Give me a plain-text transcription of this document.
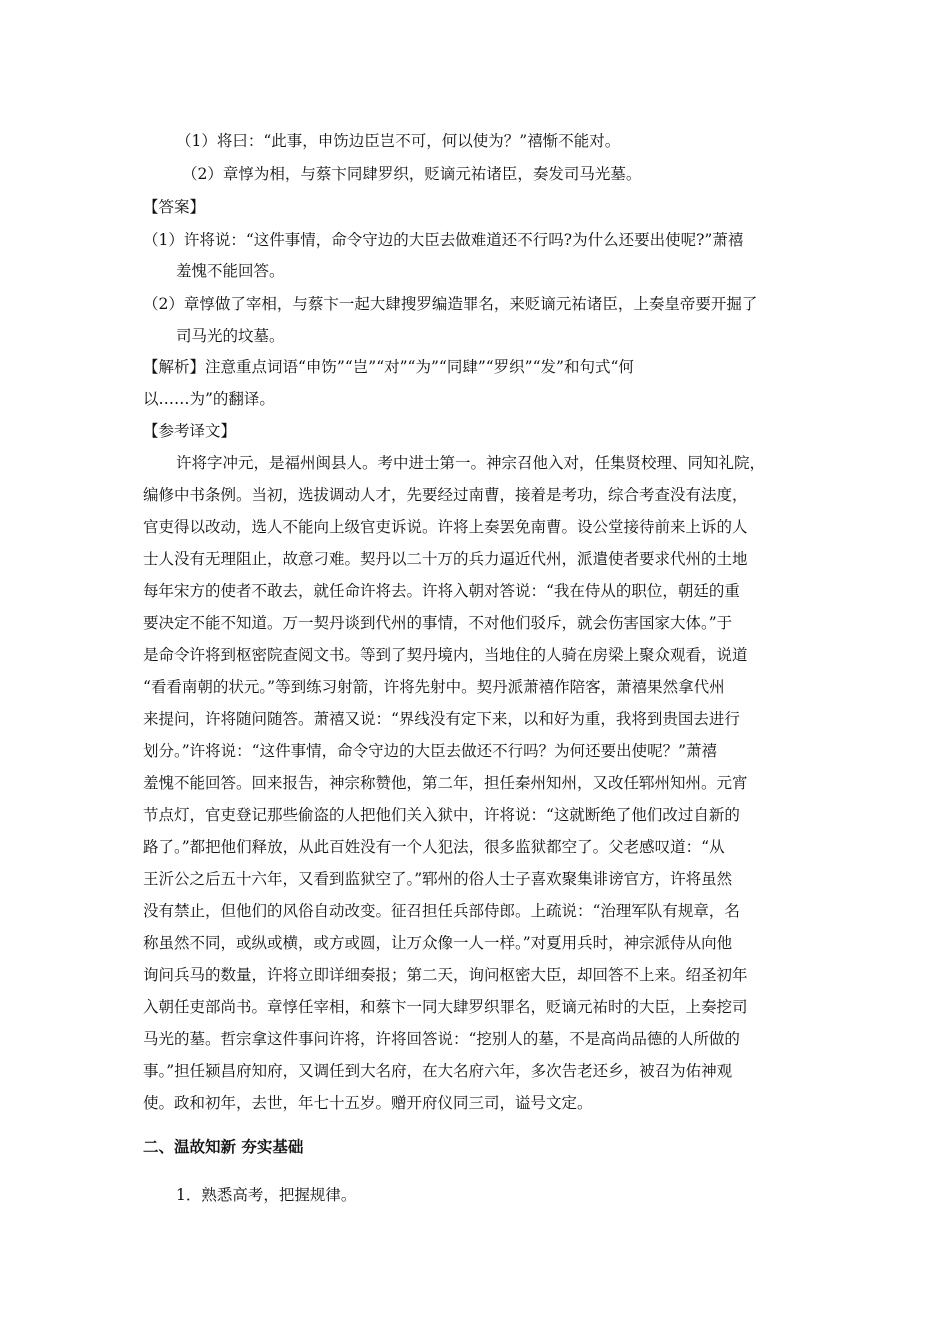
（1）将曰：“此事，申饬边臣岂不可，何以使为？”禧惭不能对。
（2）章惇为相，与蔡卞同肆罗织，贬谪元祐诸臣，奏发司马光墓。
【答案】
（1）许将说：“这件事情，命令守边的大臣去做难道还不行吗?为什么还要出使呢?”萧禧
羞愧不能回答。
（2）章惇做了宰相，与蔡卞一起大肆搜罗编造罪名，来贬谪元祐诸臣，上奏皇帝要开掘了
司马光的坟墓。
【解析】注意重点词语“申饬”“岂”“对”“为”“同肆”“罗织”“发”和句式“何
以……为”的翻译。
【参考译文】
许将字冲元，是福州闽县人。考中进士第一。神宗召他入对，任集贤校理、同知礼院，
编修中书条例。当初，选拔调动人才，先要经过南曹，接着是考功，综合考查没有法度，
官吏得以改动，选人不能向上级官吏诉说。许将上奏罢免南曹。设公堂接待前来上诉的人
士人没有无理阻止，故意刁难。契丹以二十万的兵力逼近代州，派遣使者要求代州的土地
每年宋方的使者不敢去，就任命许将去。许将入朝对答说：“我在侍从的职位，朝廷的重
要决定不能不知道。万一契丹谈到代州的事情，不对他们驳斥，就会伤害国家大体。”于
是命令许将到枢密院查阅文书。等到了契丹境内，当地住的人骑在房梁上聚众观看，说道
“看看南朝的状元。”等到练习射箭，许将先射中。契丹派萧禧作陪客，萧禧果然拿代州
来提问，许将随问随答。萧禧又说：“界线没有定下来，以和好为重，我将到贵国去进行
划分。”许将说：“这件事情，命令守边的大臣去做还不行吗？为何还要出使呢？”萧禧
羞愧不能回答。回来报告，神宗称赞他，第二年，担任秦州知州，又改任郓州知州。元宵
节点灯，官吏登记那些偷盗的人把他们关入狱中，许将说：“这就断绝了他们改过自新的
路了。”都把他们释放，从此百姓没有一个人犯法，很多监狱都空了。父老感叹道：“从
王沂公之后五十六年，又看到监狱空了。”郓州的俗人士子喜欢聚集诽谤官方，许将虽然
没有禁止，但他们的风俗自动改变。征召担任兵部侍郎。上疏说：“治理军队有规章，名
称虽然不同，或纵或横，或方或圆，让万众像一人一样。”对夏用兵时，神宗派侍从向他
询问兵马的数量，许将立即详细奏报；第二天，询问枢密大臣，却回答不上来。绍圣初年
入朝任吏部尚书。章惇任宰相，和蔡卞一同大肆罗织罪名，贬谪元祐时的大臣，上奏挖司
马光的墓。哲宗拿这件事问许将，许将回答说：“挖别人的墓，不是高尚品德的人所做的
事。”担任颍昌府知府，又调任到大名府，在大名府六年，多次告老还乡，被召为佑神观
使。政和初年，去世，年七十五岁。赠开府仪同三司，谥号文定。
二、温故知新 夯实基础
1．熟悉高考，把握规律。
